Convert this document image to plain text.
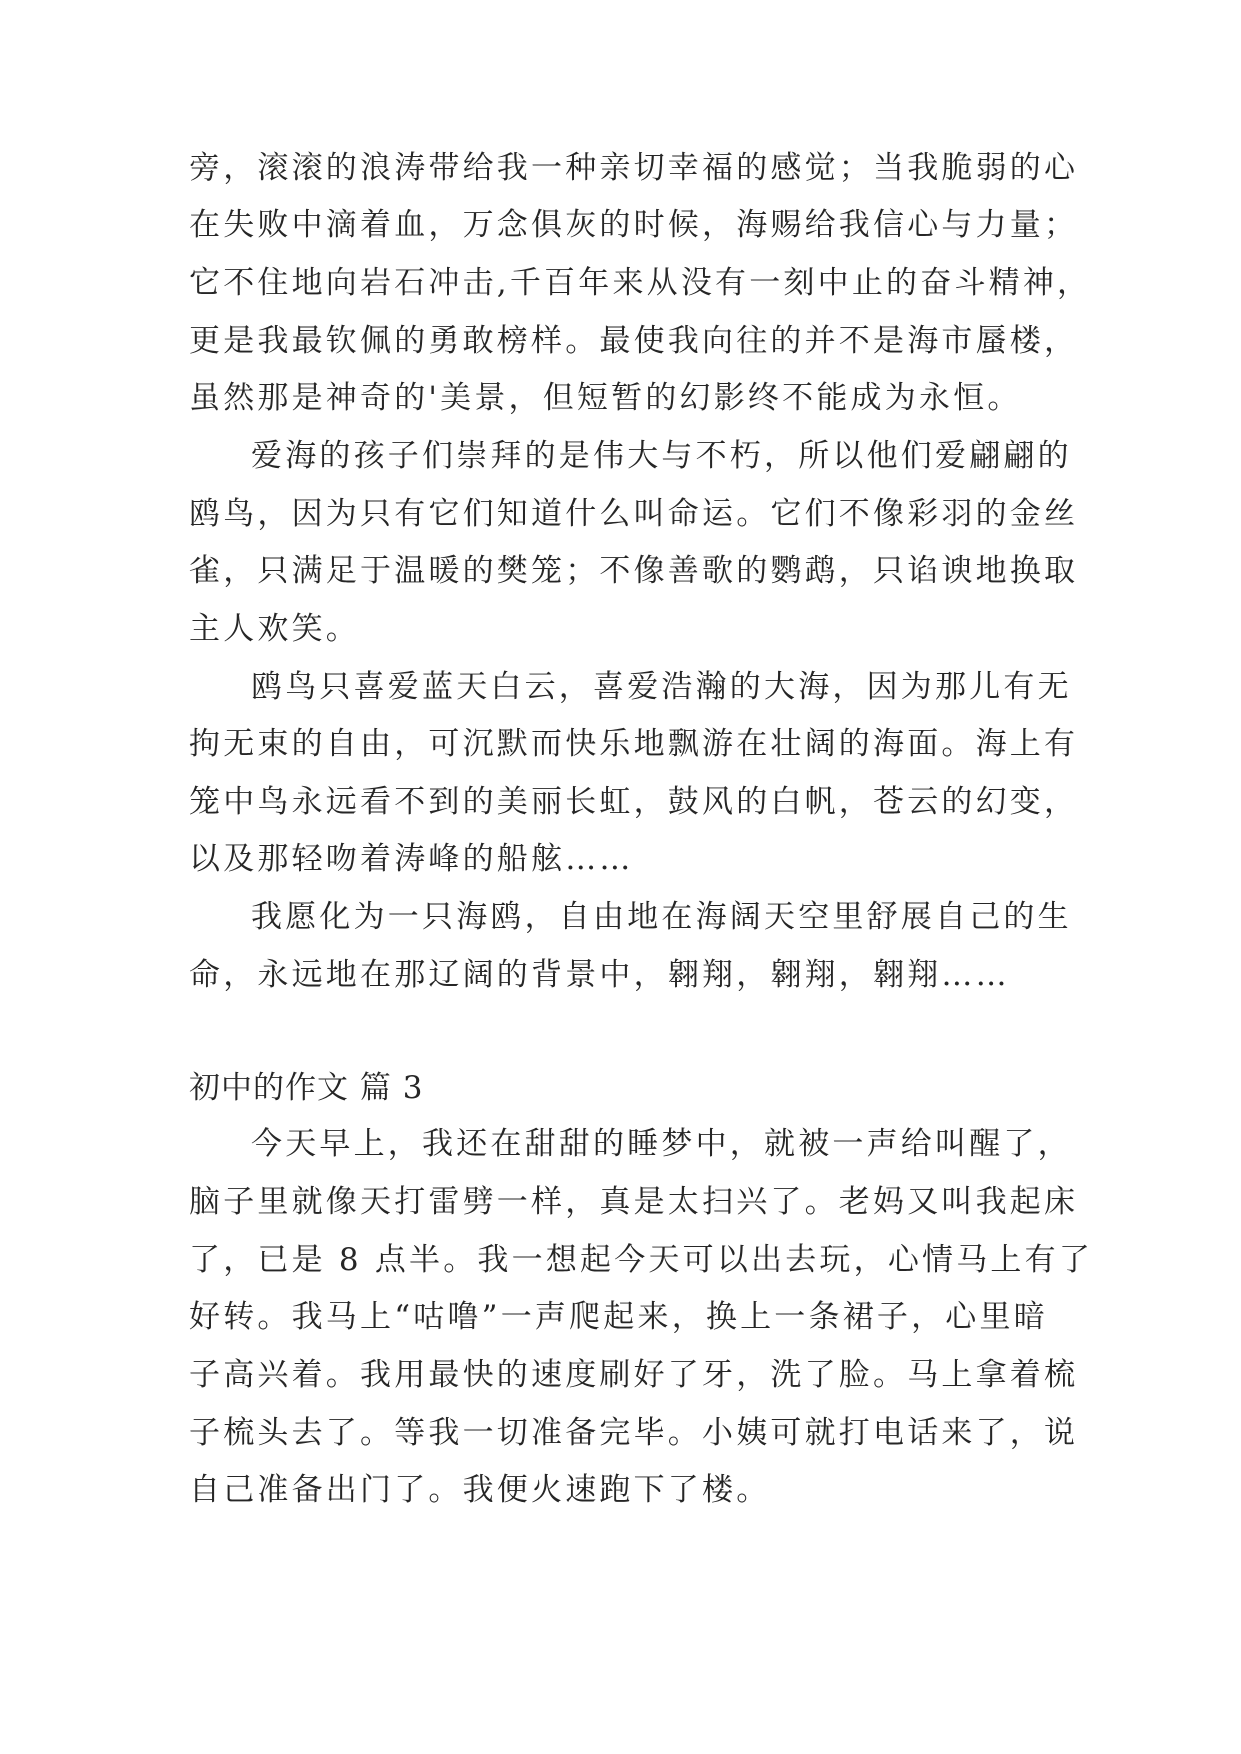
旁，滚滚的浪涛带给我一种亲切幸福的感觉；当我脆弱的心
在失败中滴着血，万念俱灰的时候，海赐给我信心与力量；
它不住地向岩石冲击,千百年来从没有一刻中止的奋斗精神，
更是我最钦佩的勇敢榜样。最使我向往的并不是海市蜃楼，
虽然那是神奇的'美景，但短暂的幻影终不能成为永恒。
爱海的孩子们崇拜的是伟大与不朽，所以他们爱翩翩的
鸥鸟，因为只有它们知道什么叫命运。它们不像彩羽的金丝
雀，只满足于温暖的樊笼；不像善歌的鹦鹉，只谄谀地换取
主人欢笑。
鸥鸟只喜爱蓝天白云，喜爱浩瀚的大海，因为那儿有无
拘无束的自由，可沉默而快乐地飘游在壮阔的海面。海上有
笼中鸟永远看不到的美丽长虹，鼓风的白帆，苍云的幻变，
以及那轻吻着涛峰的船舷……
我愿化为一只海鸥，自由地在海阔天空里舒展自己的生
命，永远地在那辽阔的背景中，翱翔，翱翔，翱翔……
初中的作文 篇 3
今天早上，我还在甜甜的睡梦中，就被一声给叫醒了，
脑子里就像天打雷劈一样，真是太扫兴了。老妈又叫我起床
了，已是 8 点半。我一想起今天可以出去玩，心情马上有了
好转。我马上“咕噜”一声爬起来，换上一条裙子，心里暗
子高兴着。我用最快的速度刷好了牙，洗了脸。马上拿着梳
子梳头去了。等我一切准备完毕。小姨可就打电话来了，说
自己准备出门了。我便火速跑下了楼。
